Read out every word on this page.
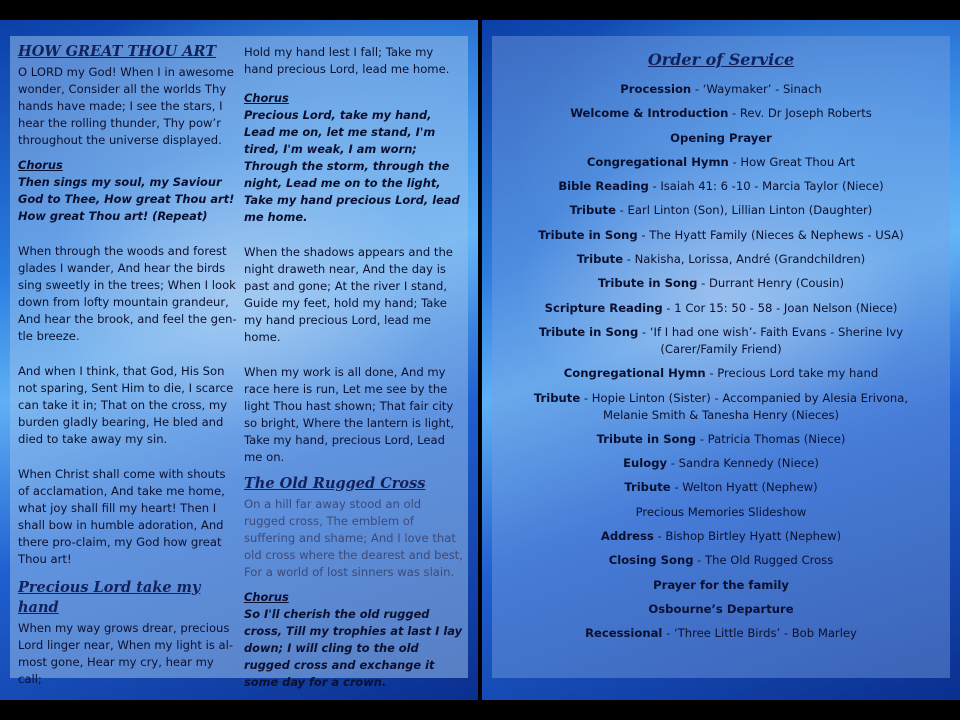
HOW GREAT THOU ART

O LORD my God! When I in awesome wonder, Consider all the worlds Thy hands have made; I see the stars, I hear the rolling thunder, Thy pow’r throughout the universe displayed.

Chorus

Then sings my soul, my Saviour God to Thee, How great Thou art! How great Thou art! (Repeat)

When through the woods and forest glades I wander, And hear the birds sing sweetly in the trees; When I look down from lofty mountain grandeur, And hear the brook, and feel the gen-tle breeze.

And when I think, that God, His Son not sparing, Sent Him to die, I scarce can take it in; That on the cross, my burden gladly bearing, He bled and died to take away my sin.

When Christ shall come with shouts of acclamation, And take me home, what joy shall fill my heart! Then I shall bow in humble adoration, And there pro-claim, my God how great Thou art!

Precious Lord take my hand

When my way grows drear, precious Lord linger near, When my light is al-most gone, Hear my cry, hear my call;

Hold my hand lest I fall; Take my hand precious Lord, lead me home.

Chorus

Precious Lord, take my hand, Lead me on, let me stand, I'm tired, I'm weak, I am worn; Through the storm, through the night, Lead me on to the light, Take my hand precious Lord, lead me home.

When the shadows appears and the night draweth near, And the day is past and gone; At the river I stand, Guide my feet, hold my hand; Take my hand precious Lord, lead me home.

When my work is all done, And my race here is run, Let me see by the light Thou hast shown; That fair city so bright, Where the lantern is light, Take my hand, precious Lord, Lead me on.

The Old Rugged Cross

On a hill far away stood an old rugged cross, The emblem of suffering and shame; And I love that old cross where the dearest and best, For a world of lost sinners was slain.

Chorus

So I'll cherish the old rugged cross, Till my trophies at last I lay down; I will cling to the old rugged cross and exchange it some day for a crown.

Order of Service
Procession - ‘Waymaker’ - Sinach
Welcome & Introduction - Rev. Dr Joseph Roberts
Opening Prayer
Congregational Hymn - How Great Thou Art
Bible Reading - Isaiah 41: 6 -10 - Marcia Taylor (Niece)
Tribute - Earl Linton (Son), Lillian Linton (Daughter)
Tribute in Song - The Hyatt Family (Nieces & Nephews - USA)
Tribute - Nakisha, Lorissa, André (Grandchildren)
Tribute in Song - Durrant Henry (Cousin)
Scripture Reading - 1 Cor 15: 50 - 58 - Joan Nelson (Niece)
Tribute in Song - ‘If I had one wish’- Faith Evans - Sherine Ivy
(Carer/Family Friend)
Congregational Hymn - Precious Lord take my hand
Tribute - Hopie Linton (Sister) - Accompanied by Alesia Erivona,
Melanie Smith & Tanesha Henry (Nieces)
Tribute in Song - Patricia Thomas (Niece)
Eulogy - Sandra Kennedy (Niece)
Tribute - Welton Hyatt (Nephew)
Precious Memories Slideshow
Address - Bishop Birtley Hyatt (Nephew)
Closing Song - The Old Rugged Cross
Prayer for the family
Osbourne’s Departure
Recessional - ‘Three Little Birds’ - Bob Marley
